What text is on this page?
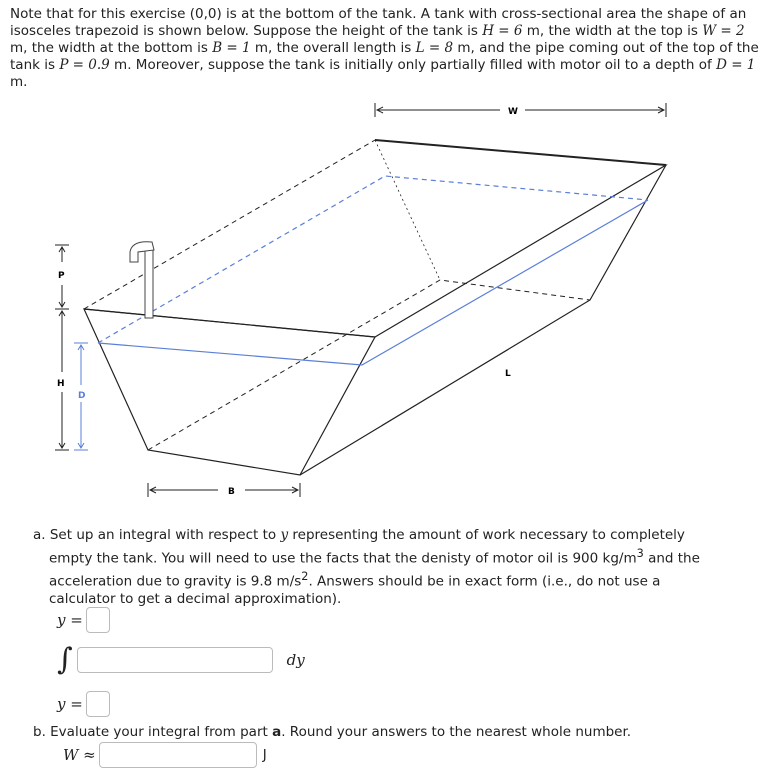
Note that for this exercise (0,0) is at the bottom of the tank. A tank with cross-sectional area the shape of an isosceles trapezoid is shown below. Suppose the height of the tank is H = 6 m, the width at the top is W = 2 m, the width at the bottom is B = 1 m, the overall length is L = 8 m, and the pipe coming out of the top of the tank is P = 0.9 m. Moreover, suppose the tank is initially only partially filled with motor oil to a depth of D = 1 m.
W
B
L
P
H
D
a. Set up an integral with respect to y representing the amount of work necessary to completely empty the tank. You will need to use the facts that the denisty of motor oil is 900 $kg/m^3$ and the acceleration due to gravity is 9.8 $m/s^2$. Answers should be in exact form (i.e., do not use a calculator to get a decimal approximation).
y =
∫	dy
y =
b. Evaluate your integral from part a. Round your answers to the nearest whole number.
W ≈	J
